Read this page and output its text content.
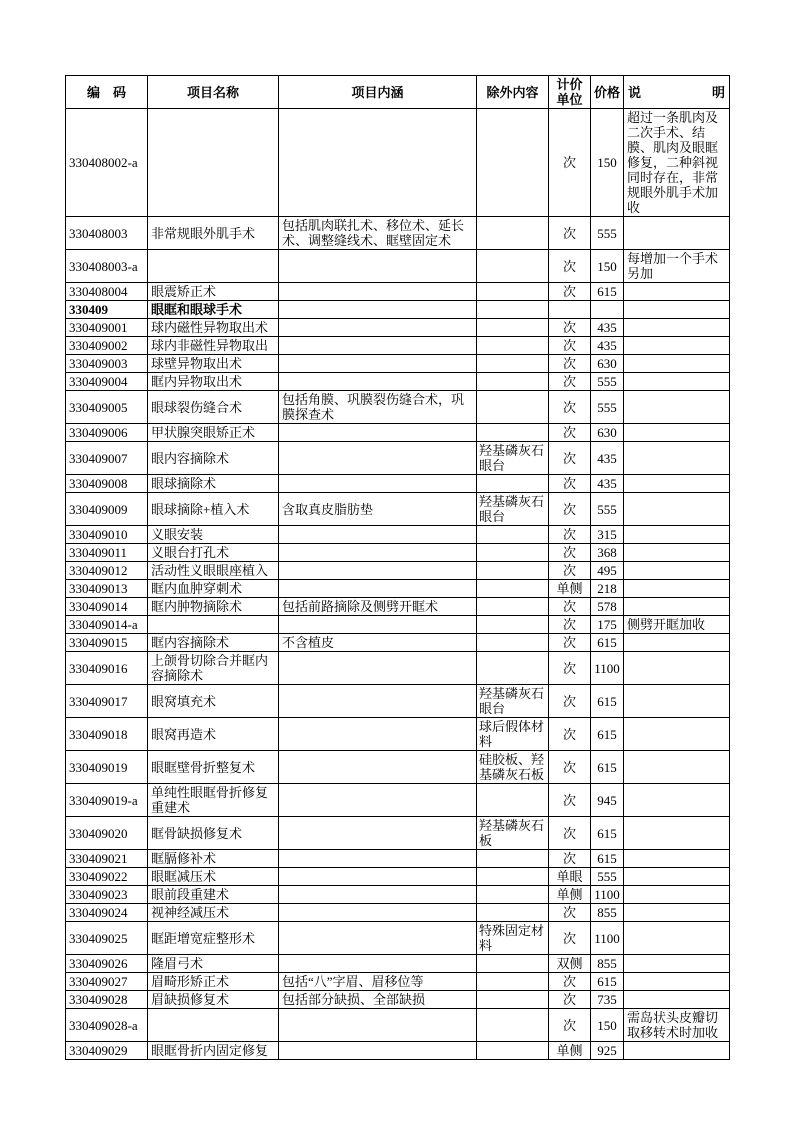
编　码	项目名称	项目内涵	除外内容	计价单位	价格	说 明

330408002-a				次	150	超过一条肌肉及二次手术、结膜、肌肉及眼眶修复，二种斜视同时存在，非常规眼外肌手术加收
330408003	非常规眼外肌手术	包括肌肉联扎术、移位术、延长术、调整缝线术、眶壁固定术		次	555	
330408003-a				次	150	每增加一个手术另加
330408004	眼震矫正术			次	615	
330409	眼眶和眼球手术					
330409001	球内磁性异物取出术			次	435	
330409002	球内非磁性异物取出			次	435	
330409003	球壁异物取出术			次	630	
330409004	眶内异物取出术			次	555	
330409005	眼球裂伤缝合术	包括角膜、巩膜裂伤缝合术，巩膜探查术		次	555	
330409006	甲状腺突眼矫正术			次	630	
330409007	眼内容摘除术		羟基磷灰石眼台	次	435	
330409008	眼球摘除术			次	435	
330409009	眼球摘除+植入术	含取真皮脂肪垫	羟基磷灰石眼台	次	555	
330409010	义眼安装			次	315	
330409011	义眼台打孔术			次	368	
330409012	活动性义眼眼座植入			次	495	
330409013	眶内血肿穿刺术			单侧	218	
330409014	眶内肿物摘除术	包括前路摘除及侧劈开眶术		次	578	
330409014-a				次	175	侧劈开眶加收
330409015	眶内容摘除术	不含植皮		次	615	
330409016	上颌骨切除合并眶内容摘除术			次	1100	
330409017	眼窝填充术		羟基磷灰石眼台	次	615	
330409018	眼窝再造术		球后假体材料	次	615	
330409019	眼眶壁骨折整复术		硅胶板、羟基磷灰石板	次	615	
330409019-a	单纯性眼眶骨折修复重建术			次	945	
330409020	眶骨缺损修复术		羟基磷灰石板	次	615	
330409021	眶膈修补术			次	615	
330409022	眼眶减压术			单眼	555	
330409023	眼前段重建术			单侧	1100	
330409024	视神经减压术			次	855	
330409025	眶距增宽症整形术		特殊固定材料	次	1100	
330409026	隆眉弓术			双侧	855	
330409027	眉畸形矫正术	包括“八”字眉、眉移位等		次	615	
330409028	眉缺损修复术	包括部分缺损、全部缺损		次	735	
330409028-a				次	150	需岛状头皮瓣切取移转术时加收
330409029	眼眶骨折内固定修复			单侧	925	
